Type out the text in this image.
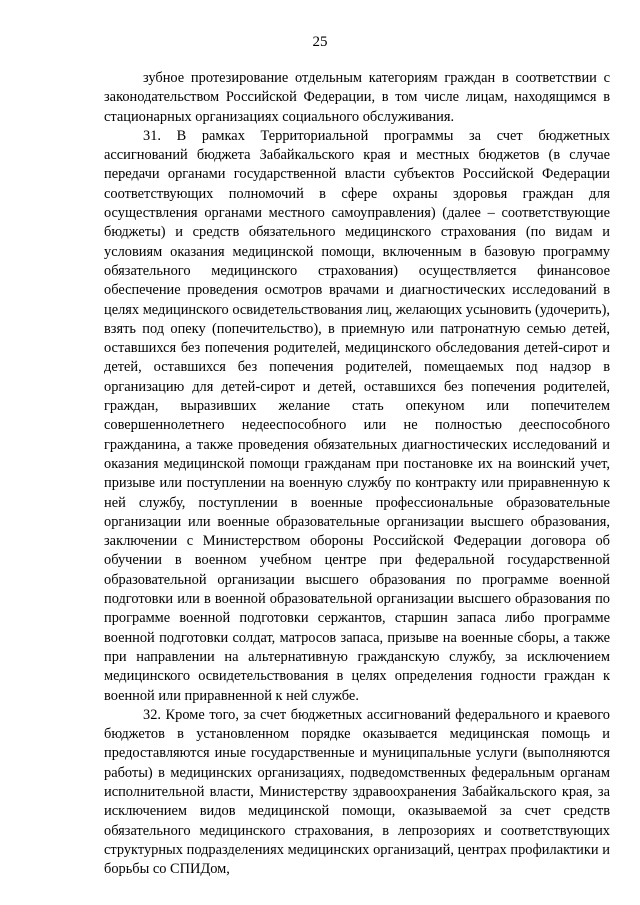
25

зубное протезирование отдельным категориям граждан в соответствии с законодательством Российской Федерации, в том числе лицам, находящимся в стационарных организациях социального обслуживания.

31. В рамках Территориальной программы за счет бюджетных ассигнований бюджета Забайкальского края и местных бюджетов (в случае передачи органами государственной власти субъектов Российской Федерации соответствующих полномочий в сфере охраны здоровья граждан для осуществления органами местного самоуправления) (далее – соответствующие бюджеты) и средств обязательного медицинского страхования (по видам и условиям оказания медицинской помощи, включенным в базовую программу обязательного медицинского страхования) осуществляется финансовое обеспечение проведения осмотров врачами и диагностических исследований в целях медицинского освидетельствования лиц, желающих усыновить (удочерить), взять под опеку (попечительство), в приемную или патронатную семью детей, оставшихся без попечения родителей, медицинского обследования детей-сирот и детей, оставшихся без попечения родителей, помещаемых под надзор в организацию для детей-сирот и детей, оставшихся без попечения родителей, граждан, выразивших желание стать опекуном или попечителем совершеннолетнего недееспособного или не полностью дееспособного гражданина, а также проведения обязательных диагностических исследований и оказания медицинской помощи гражданам при постановке их на воинский учет, призыве или поступлении на военную службу по контракту или приравненную к ней службу, поступлении в военные профессиональные образовательные организации или военные образовательные организации высшего образования, заключении с Министерством обороны Российской Федерации договора об обучении в военном учебном центре при федеральной государственной образовательной организации высшего образования по программе военной подготовки или в военной образовательной организации высшего образования по программе военной подготовки сержантов, старшин запаса либо программе военной подготовки солдат, матросов запаса, призыве на военные сборы, а также при направлении на альтернативную гражданскую службу, за исключением медицинского освидетельствования в целях определения годности граждан к военной или приравненной к ней службе.

32. Кроме того, за счет бюджетных ассигнований федерального и краевого бюджетов в установленном порядке оказывается медицинская помощь и предоставляются иные государственные и муниципальные услуги (выполняются работы) в медицинских организациях, подведомственных федеральным органам исполнительной власти, Министерству здравоохранения Забайкальского края, за исключением видов медицинской помощи, оказываемой за счет средств обязательного медицинского страхования, в лепрозориях и соответствующих структурных подразделениях медицинских организаций, центрах профилактики и борьбы со СПИДом,
